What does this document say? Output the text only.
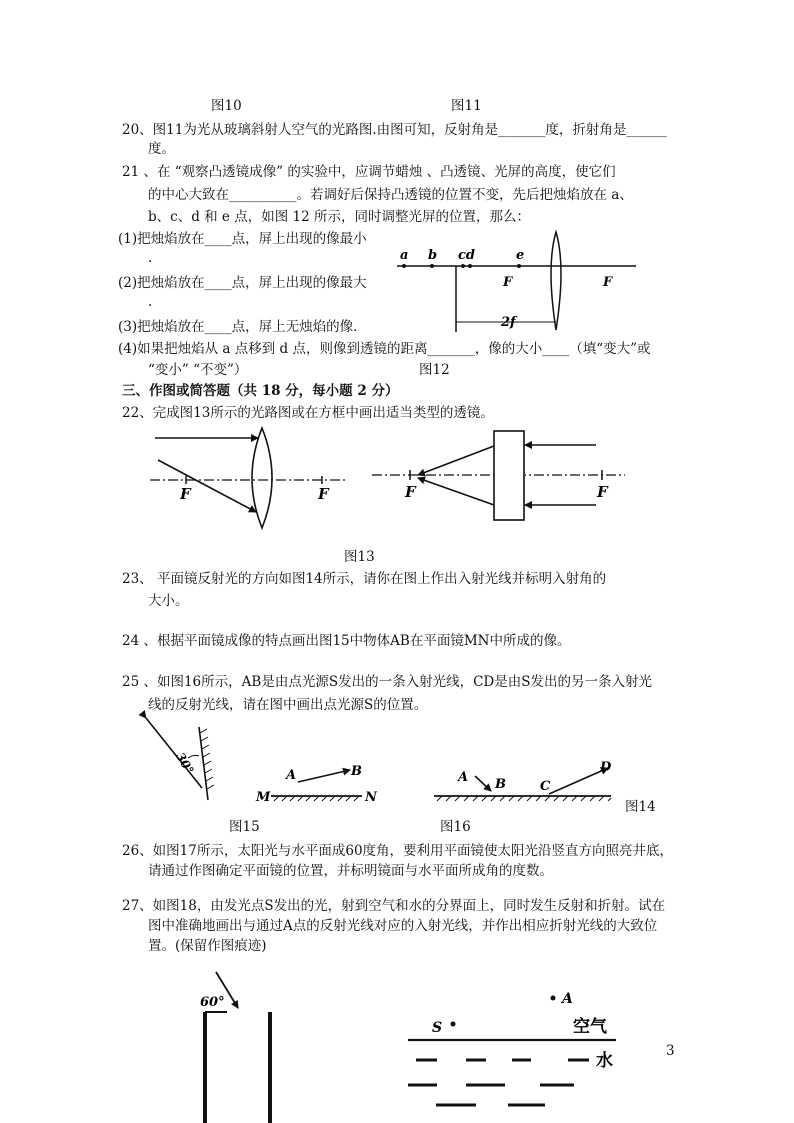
图10	图11
20、图11为光从玻璃斜射人空气的光路图.由图可知，反射角是_______度，折射角是______
度。
21 、在 “观察凸透镜成像” 的实验中，应调节蜡烛 、凸透镜、光屏的高度，使它们
的中心大致在__________。若调好后保持凸透镜的位置不变，先后把烛焰放在 a、
b、c、d 和 e 点，如图 12 所示，同时调整光屏的位置，那么：
(1)把烛焰放在____点，屏上出现的像最小
.
(2)把烛焰放在____点，屏上出现的像最大
.
(3)把烛焰放在____点，屏上无烛焰的像．
(4)如果把烛焰从 a 点移到 d 点，则像到透镜的距离_______，像的大小____（填“变大”或
“变小” “不变”）	图12
三、作图或简答题（共 18 分，每小题 2 分）
22、完成图13所示的光路图或在方框中画出适当类型的透镜。
图13
23、 平面镜反射光的方向如图14所示，请你在图上作出入射光线并标明入射角的
大小。
24 、根据平面镜成像的特点画出图15中物体AB在平面镜MN中所成的像。
25 、如图16所示，AB是由点光源S发出的一条入射光线，CD是由S发出的另一条入射光
线的反射光线，请在图中画出点光源S的位置。
图14
图15	图16
26、如图17所示，太阳光与水平面成60度角，要利用平面镜使太阳光沿竖直方向照亮井底，
请通过作图确定平面镜的位置，并标明镜面与水平面所成角的度数。
27、如图18，由发光点S发出的光，射到空气和水的分界面上，同时发生反射和折射。试在
图中准确地画出与通过A点的反射光线对应的入射光线，并作出相应折射光线的大致位
置。(保留作图痕迹)
3
a b cd	e
F	F
2f
F	F	F	F
30°	A	B
M	N
A B	C
D
60°	A
S	空气
水
